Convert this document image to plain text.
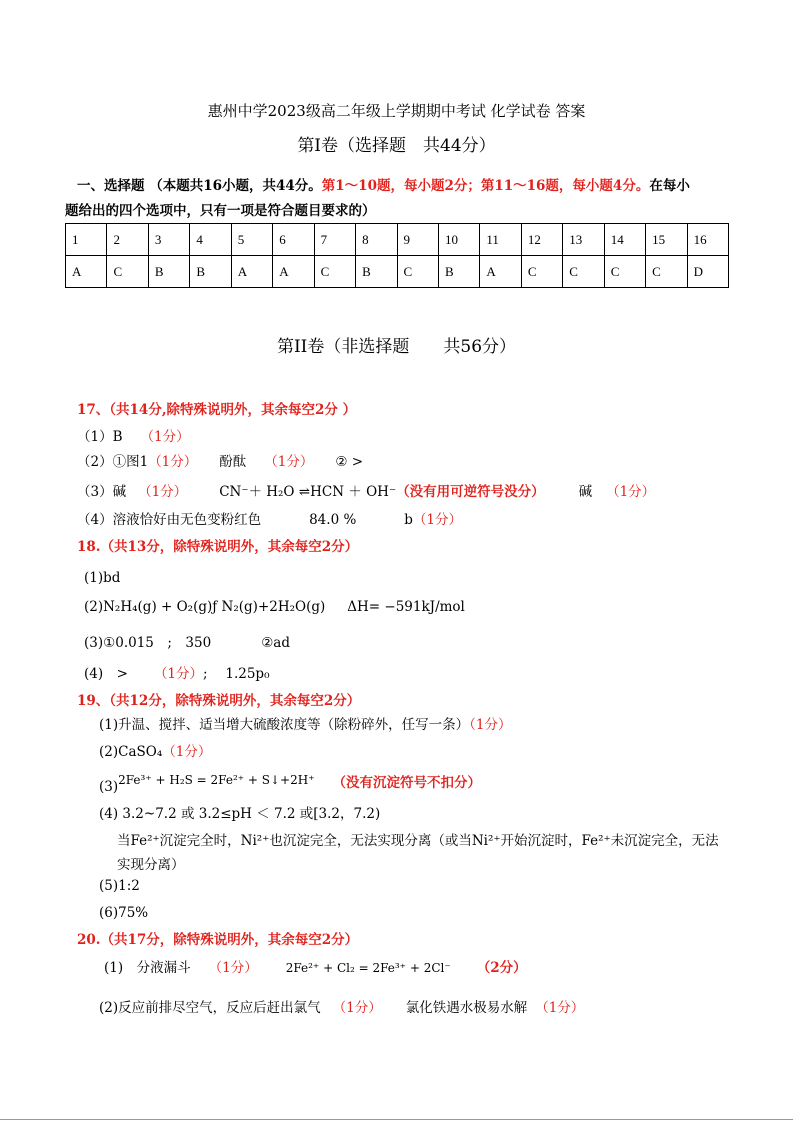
惠州中学2023级高二年级上学期期中考试 化学试卷 答案
第I卷（选择题　共44分）
一、选择题 （本题共16小题，共44分。第1～10题，每小题2分；第11～16题，每小题4分。在每小
题给出的四个选项中，只有一项是符合题目要求的）
1	2	3	4	5	6	7	8	9	10	11	12	13	14	15	16
A	C	B	B	A	A	C	B	C	B	A	C	C	C	C	D
第II卷（非选择题　　共56分）
17、（共14分,除特殊说明外，其余每空2分 ）
（1）B （1分）
（2）①图1（1分） 酚酞 （1分） ② >
（3）碱 （1分） CN⁻＋ H₂O ⇌HCN ＋ OH⁻（没有用可逆符号没分）	碱 （1分）
（4）溶液恰好由无色变粉红色	84.0 %	b（1分）
18.（共13分，除特殊说明外，其余每空2分）
(1)bd
(2)N₂H₄(g) + O₂(g)ƒ N₂(g)+2H₂O(g) ΔH= −591kJ/mol
(3)①0.015　;　350	②ad
(4)　> （1分）;　 1.25p₀
19、（共12分，除特殊说明外，其余每空2分）
(1)升温、搅拌、适当增大硫酸浓度等（除粉碎外，任写一条）（1分）
(2)CaSO₄（1分）
(3)2Fe³⁺ + H₂S = 2Fe²⁺ + S↓+2H⁺ （没有沉淀符号不扣分）
(4) 3.2~7.2 或 3.2≤pH ＜ 7.2 或[3.2，7.2)
当Fe²⁺沉淀完全时，Ni²⁺也沉淀完全，无法实现分离（或当Ni²⁺开始沉淀时，Fe²⁺未沉淀完全，无法
实现分离）
(5)1:2
(6)75%
20.（共17分，除特殊说明外，其余每空2分）
(1)　分液漏斗 （1分） 2Fe²⁺ + Cl₂ = 2Fe³⁺ + 2Cl⁻ （2分）
(2)反应前排尽空气，反应后赶出氯气 （1分） 氯化铁遇水极易水解 （1分）
